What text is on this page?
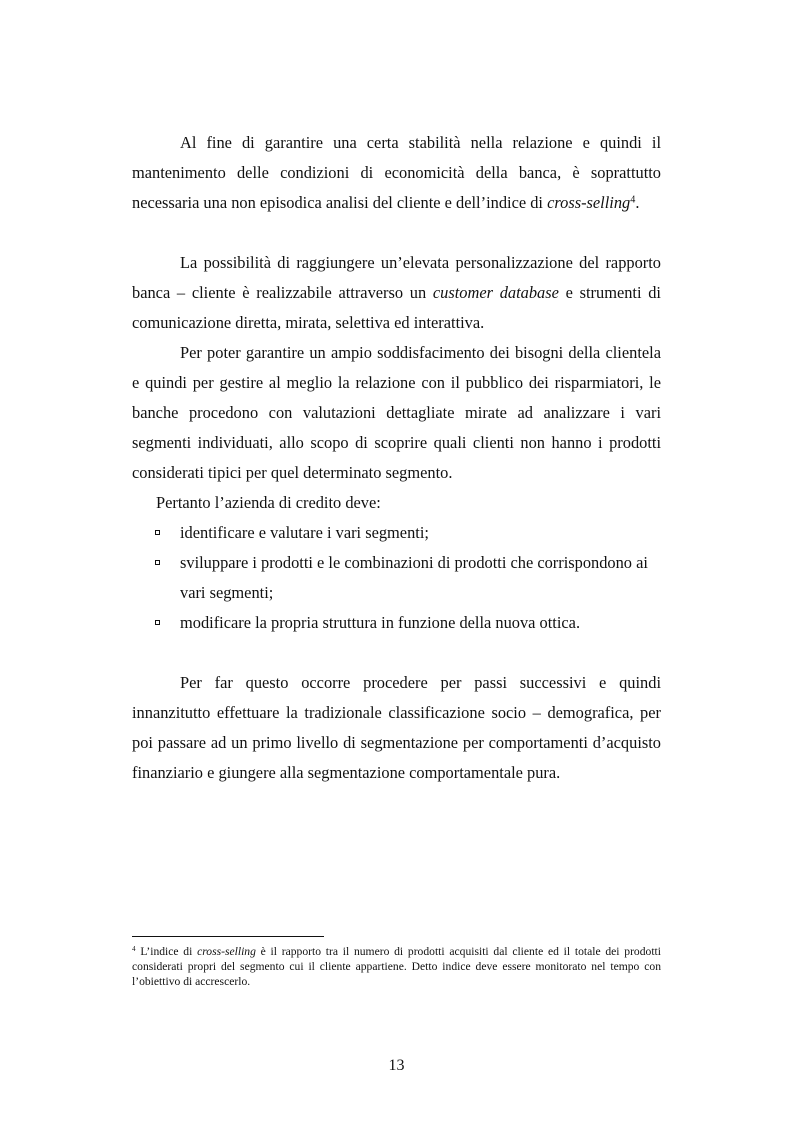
Al fine di garantire una certa stabilità nella relazione e quindi il mantenimento delle condizioni di economicità della banca, è soprattutto necessaria una non episodica analisi del cliente e dell’indice di cross-selling$^4$.

La possibilità di raggiungere un’elevata personalizzazione del rapporto banca – cliente è realizzabile attraverso un customer database e strumenti di comunicazione diretta, mirata, selettiva ed interattiva.

Per poter garantire un ampio soddisfacimento dei bisogni della clientela e quindi per gestire al meglio la relazione con il pubblico dei risparmiatori, le banche procedono con valutazioni dettagliate mirate ad analizzare i vari segmenti individuati, allo scopo di scoprire quali clienti non hanno i prodotti considerati tipici per quel determinato segmento.

Pertanto l’azienda di credito deve:

identificare e valutare i vari segmenti;
sviluppare i prodotti e le combinazioni di prodotti che corrispondono ai vari segmenti;
modificare la propria struttura in funzione della nuova ottica.

Per far questo occorre procedere per passi successivi e quindi innanzitutto effettuare la tradizionale classificazione socio – demografica, per poi passare ad un primo livello di segmentazione per comportamenti d’acquisto finanziario e giungere alla segmentazione comportamentale pura.

$^4$ L’indice di cross-selling è il rapporto tra il numero di prodotti acquisiti dal cliente ed il totale dei prodotti considerati propri del segmento cui il cliente appartiene. Detto indice deve essere monitorato nel tempo con l’obiettivo di accrescerlo.

13
